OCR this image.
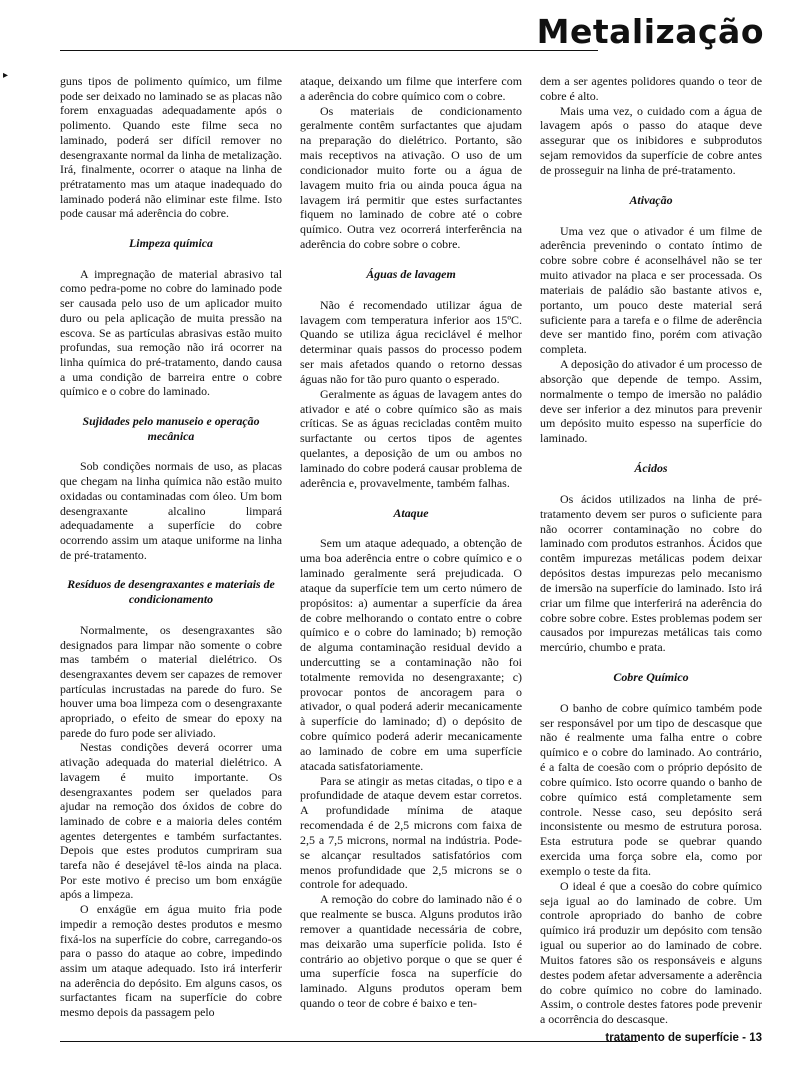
Metalização
▸	guns tipos de polimento químico, um filme pode ser deixado no laminado se as placas não forem enxaguadas adequadamente após o polimento. Quando este filme seca no laminado, poderá ser difícil remover no desengraxante normal da linha de metalização. Irá, finalmente, ocorrer o ataque na linha de prétratamento mas um ataque inadequado do laminado poderá não eliminar este filme. Isto pode causar má aderência do cobre.

Limpeza química

A impregnação de material abrasivo tal como pedra-pome no cobre do laminado pode ser causada pelo uso de um aplicador muito duro ou pela aplicação de muita pressão na escova. Se as partículas abrasivas estão muito profundas, sua remoção não irá ocorrer na linha química do pré-tratamento, dando causa a uma condição de barreira entre o cobre químico e o cobre do laminado.

Sujidades pelo manuseio e operação mecânica

Sob condições normais de uso, as placas que chegam na linha química não estão muito oxidadas ou contaminadas com óleo. Um bom desengraxante alcalino limpará adequadamente a superfície do cobre ocorrendo assim um ataque uniforme na linha de pré-tratamento.

Resíduos de desengraxantes e materiais de condicionamento

Normalmente, os desengraxantes são designados para limpar não somente o cobre mas também o material dielétrico. Os desengraxantes devem ser capazes de remover partículas incrustadas na parede do furo. Se houver uma boa limpeza com o desengraxante apropriado, o efeito de smear do epoxy na parede do furo pode ser aliviado.

Nestas condições deverá ocorrer uma ativação adequada do material dielétrico. A lavagem é muito importante. Os desengraxantes podem ser quelados para ajudar na remoção dos óxidos de cobre do laminado de cobre e a maioria deles contém agentes detergentes e também surfactantes. Depois que estes produtos cumpriram sua tarefa não é desejável tê-los ainda na placa. Por este motivo é preciso um bom enxágüe após a limpeza.

O enxágüe em água muito fria pode impedir a remoção destes produtos e mesmo fixá-los na superfície do cobre, carregando-os para o passo do ataque ao cobre, impedindo assim um ataque adequado. Isto irá interferir na aderência do depósito. Em alguns casos, os surfactantes ficam na superfície do cobre mesmo depois da passagem pelo

ataque, deixando um filme que interfere com a aderência do cobre químico com o cobre.

Os materiais de condicionamento geralmente contêm surfactantes que ajudam na preparação do dielétrico. Portanto, são mais receptivos na ativação. O uso de um condicionador muito forte ou a água de lavagem muito fria ou ainda pouca água na lavagem irá permitir que estes surfactantes fiquem no laminado de cobre até o cobre químico. Outra vez ocorrerá interferência na aderência do cobre sobre o cobre.

Águas de lavagem

Não é recomendado utilizar água de lavagem com temperatura inferior aos 15ºC. Quando se utiliza água reciclável é melhor determinar quais passos do processo podem ser mais afetados quando o retorno dessas águas não for tão puro quanto o esperado.

Geralmente as águas de lavagem antes do ativador e até o cobre químico são as mais críticas. Se as águas recicladas contêm muito surfactante ou certos tipos de agentes quelantes, a deposição de um ou ambos no laminado do cobre poderá causar problema de aderência e, provavelmente, também falhas.

Ataque

Sem um ataque adequado, a obtenção de uma boa aderência entre o cobre químico e o laminado geralmente será prejudicada. O ataque da superfície tem um certo número de propósitos: a) aumentar a superfície da área de cobre melhorando o contato entre o cobre químico e o cobre do laminado; b) remoção de alguma contaminação residual devido a undercutting se a contaminação não foi totalmente removida no desengraxante; c) provocar pontos de ancoragem para o ativador, o qual poderá aderir mecanicamente à superfície do laminado; d) o depósito de cobre químico poderá aderir mecanicamente ao laminado de cobre em uma superfície atacada satisfatoriamente.

Para se atingir as metas citadas, o tipo e a profundidade de ataque devem estar corretos. A profundidade mínima de ataque recomendada é de 2,5 microns com faixa de 2,5 a 7,5 microns, normal na indústria. Pode-se alcançar resultados satisfatórios com menos profundidade que 2,5 microns se o controle for adequado.

A remoção do cobre do laminado não é o que realmente se busca. Alguns produtos irão remover a quantidade necessária de cobre, mas deixarão uma superfície polida. Isto é contrário ao objetivo porque o que se quer é uma superfície fosca na superfície do laminado. Alguns produtos operam bem quando o teor de cobre é baixo e ten-

dem a ser agentes polidores quando o teor de cobre é alto.

Mais uma vez, o cuidado com a água de lavagem após o passo do ataque deve assegurar que os inibidores e subprodutos sejam removidos da superfície de cobre antes de prosseguir na linha de pré-tratamento.

Ativação

Uma vez que o ativador é um filme de aderência prevenindo o contato íntimo de cobre sobre cobre é aconselhável não se ter muito ativador na placa e ser processada. Os materiais de paládio são bastante ativos e, portanto, um pouco deste material será suficiente para a tarefa e o filme de aderência deve ser mantido fino, porém com ativação completa.

A deposição do ativador é um processo de absorção que depende de tempo. Assim, normalmente o tempo de imersão no paládio deve ser inferior a dez minutos para prevenir um depósito muito espesso na superfície do laminado.

Ácidos

Os ácidos utilizados na linha de pré-tratamento devem ser puros o suficiente para não ocorrer contaminação no cobre do laminado com produtos estranhos. Ácidos que contêm impurezas metálicas podem deixar depósitos destas impurezas pelo mecanismo de imersão na superfície do laminado. Isto irá criar um filme que interferirá na aderência do cobre sobre cobre. Estes problemas podem ser causados por impurezas metálicas tais como mercúrio, chumbo e prata.

Cobre Químico

O banho de cobre químico também pode ser responsável por um tipo de descasque que não é realmente uma falha entre o cobre químico e o cobre do laminado. Ao contrário, é a falta de coesão com o próprio depósito de cobre químico. Isto ocorre quando o banho de cobre químico está completamente sem controle. Nesse caso, seu depósito será inconsistente ou mesmo de estrutura porosa. Esta estrutura pode se quebrar quando exercida uma força sobre ela, como por exemplo o teste da fita.

O ideal é que a coesão do cobre químico seja igual ao do laminado de cobre. Um controle apropriado do banho de cobre químico irá produzir um depósito com tensão igual ou superior ao do laminado de cobre. Muitos fatores são os responsáveis e alguns destes podem afetar adversamente a aderência do cobre químico no cobre do laminado. Assim, o controle destes fatores pode prevenir a ocorrência do descasque.

tratamento de superfície - 13
